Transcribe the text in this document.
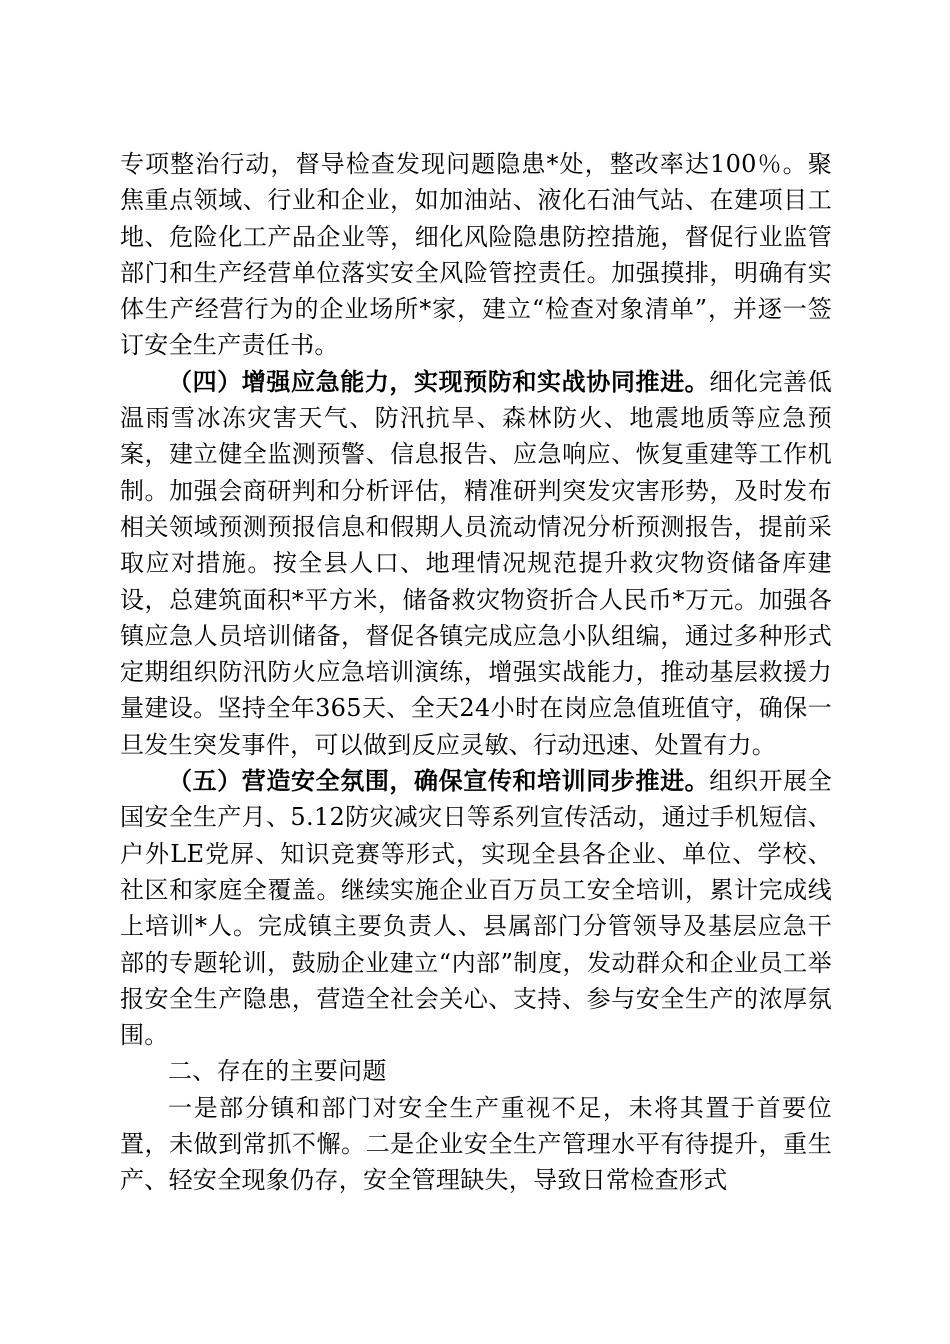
专项整治行动，督导检查发现问题隐患*处，整改率达100％。聚焦重点领域、行业和企业，如加油站、液化石油气站、在建项目工地、危险化工产品企业等，细化风险隐患防控措施，督促行业监管部门和生产经营单位落实安全风险管控责任。加强摸排，明确有实体生产经营行为的企业场所*家，建立“检查对象清单”，并逐一签订安全生产责任书。

（四）增强应急能力，实现预防和实战协同推进。细化完善低温雨雪冰冻灾害天气、防汛抗旱、森林防火、地震地质等应急预案，建立健全监测预警、信息报告、应急响应、恢复重建等工作机制。加强会商研判和分析评估，精准研判突发灾害形势，及时发布相关领域预测预报信息和假期人员流动情况分析预测报告，提前采取应对措施。按全县人口、地理情况规范提升救灾物资储备库建设，总建筑面积*平方米，储备救灾物资折合人民币*万元。加强各镇应急人员培训储备，督促各镇完成应急小队组编，通过多种形式定期组织防汛防火应急培训演练，增强实战能力，推动基层救援力量建设。坚持全年365天、全天24小时在岗应急值班值守，确保一旦发生突发事件，可以做到反应灵敏、行动迅速、处置有力。

（五）营造安全氛围，确保宣传和培训同步推进。组织开展全国安全生产月、5.12防灾减灾日等系列宣传活动，通过手机短信、户外LE党屏、知识竞赛等形式，实现全县各企业、单位、学校、社区和家庭全覆盖。继续实施企业百万员工安全培训，累计完成线上培训*人。完成镇主要负责人、县属部门分管领导及基层应急干部的专题轮训，鼓励企业建立“内部”制度，发动群众和企业员工举报安全生产隐患，营造全社会关心、支持、参与安全生产的浓厚氛围。

二、存在的主要问题

一是部分镇和部门对安全生产重视不足，未将其置于首要位置，未做到常抓不懈。二是企业安全生产管理水平有待提升，重生产、轻安全现象仍存，安全管理缺失，导致日常检查形式
